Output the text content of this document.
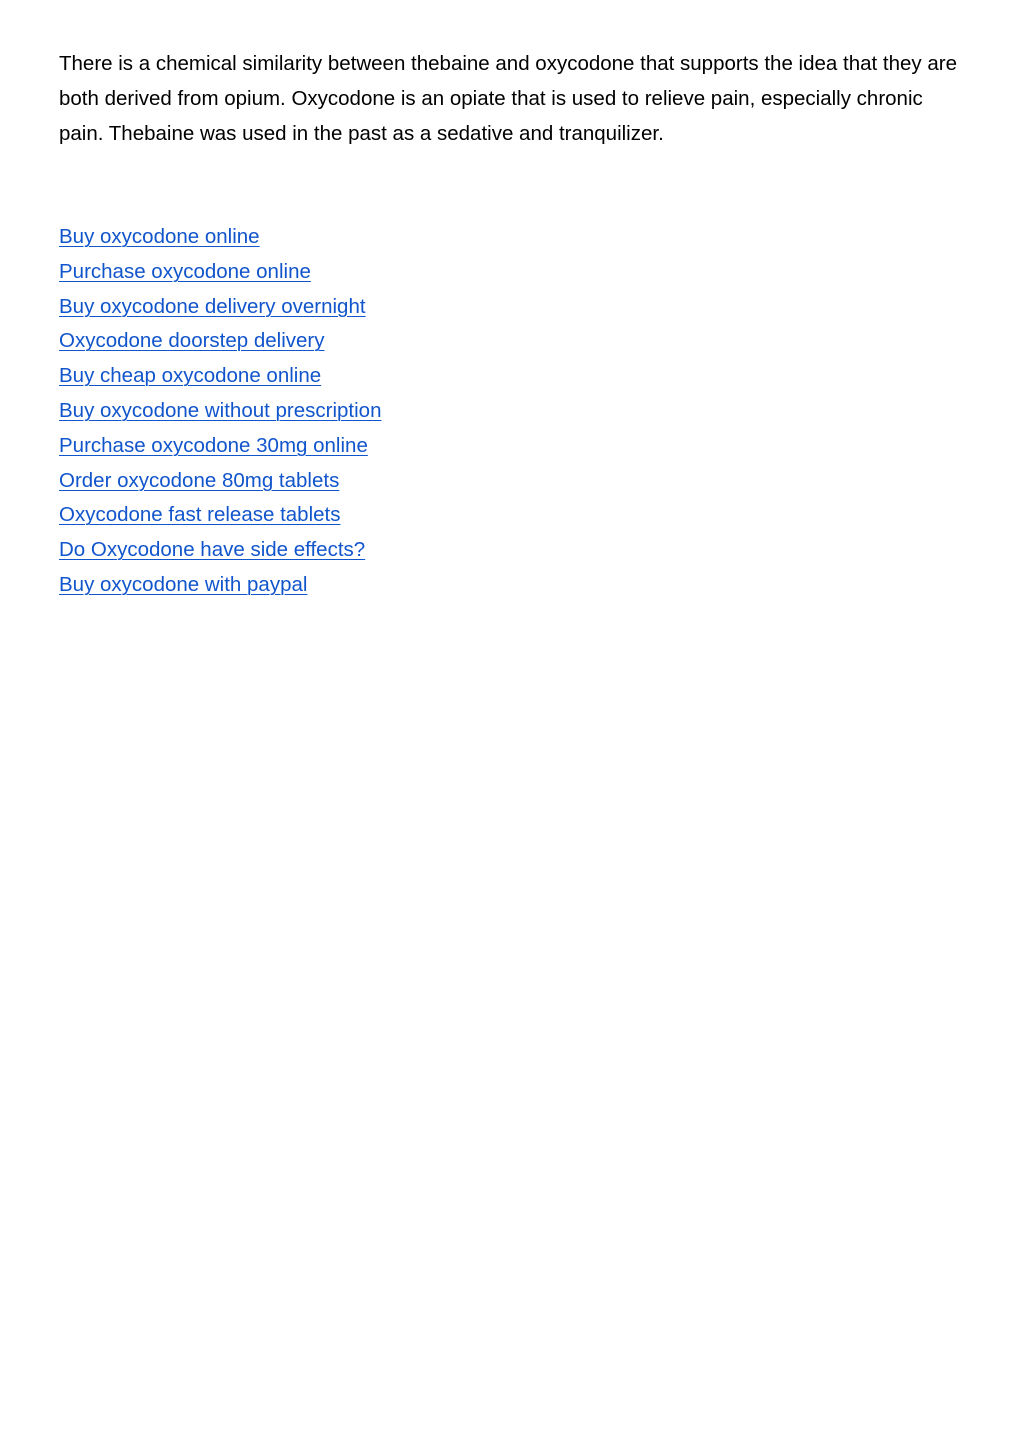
There is a chemical similarity between thebaine and oxycodone that supports the idea that they are both derived from opium. Oxycodone is an opiate that is used to relieve pain, especially chronic pain. Thebaine was used in the past as a sedative and tranquilizer.

Buy oxycodone online
Purchase oxycodone online
Buy oxycodone delivery overnight
Oxycodone doorstep delivery
Buy cheap oxycodone online
Buy oxycodone without prescription
Purchase oxycodone 30mg online
Order oxycodone 80mg tablets
Oxycodone fast release tablets
Do Oxycodone have side effects?
Buy oxycodone with paypal
